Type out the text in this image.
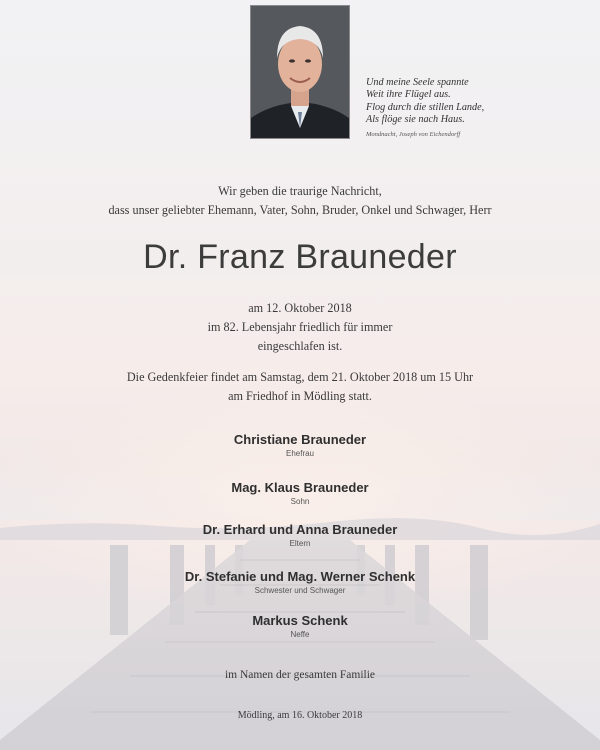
Und meine Seele spannte
Weit ihre Flügel aus.
Flog durch die stillen Lande,
Als flöge sie nach Haus.
Mondnacht, Joseph von Eichendorff
Wir geben die traurige Nachricht,
dass unser geliebter Ehemann, Vater, Sohn, Bruder, Onkel und Schwager, Herr
Dr. Franz Brauneder
am 12. Oktober 2018
im 82. Lebensjahr friedlich für immer
eingeschlafen ist.
Die Gedenkfeier findet am Samstag, dem 21. Oktober 2018 um 15 Uhr
am Friedhof in Mödling statt.
Christiane Brauneder
Ehefrau
Mag. Klaus Brauneder
Sohn
Dr. Erhard und Anna Brauneder
Eltern
Dr. Stefanie und Mag. Werner Schenk
Schwester und Schwager
Markus Schenk
Neffe
im Namen der gesamten Familie
Mödling, am 16. Oktober 2018
